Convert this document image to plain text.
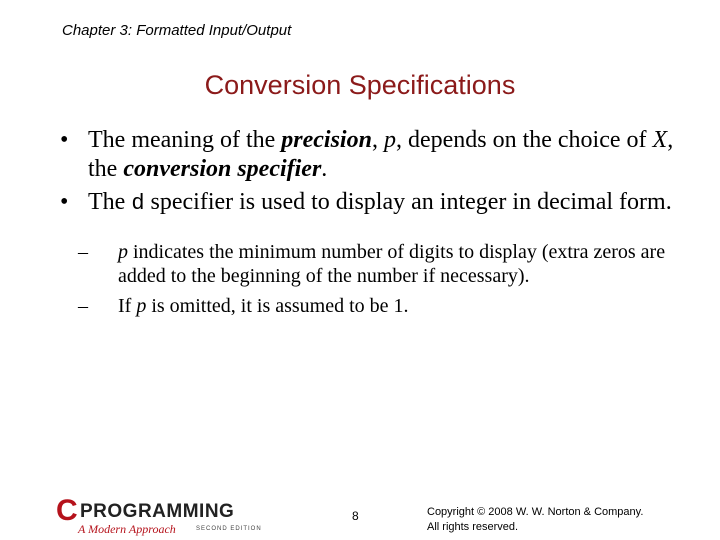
Chapter 3: Formatted Input/Output
Conversion Specifications
• The meaning of the precision, p, depends on the choice of X, the conversion specifier.
• The d specifier is used to display an integer in decimal form.
– p indicates the minimum number of digits to display (extra zeros are added to the beginning of the number if necessary).
– If p is omitted, it is assumed to be 1.
C PROGRAMMING
A Modern Approach	SECOND EDITION
8	Copyright © 2008 W. W. Norton & Company.
All rights reserved.
